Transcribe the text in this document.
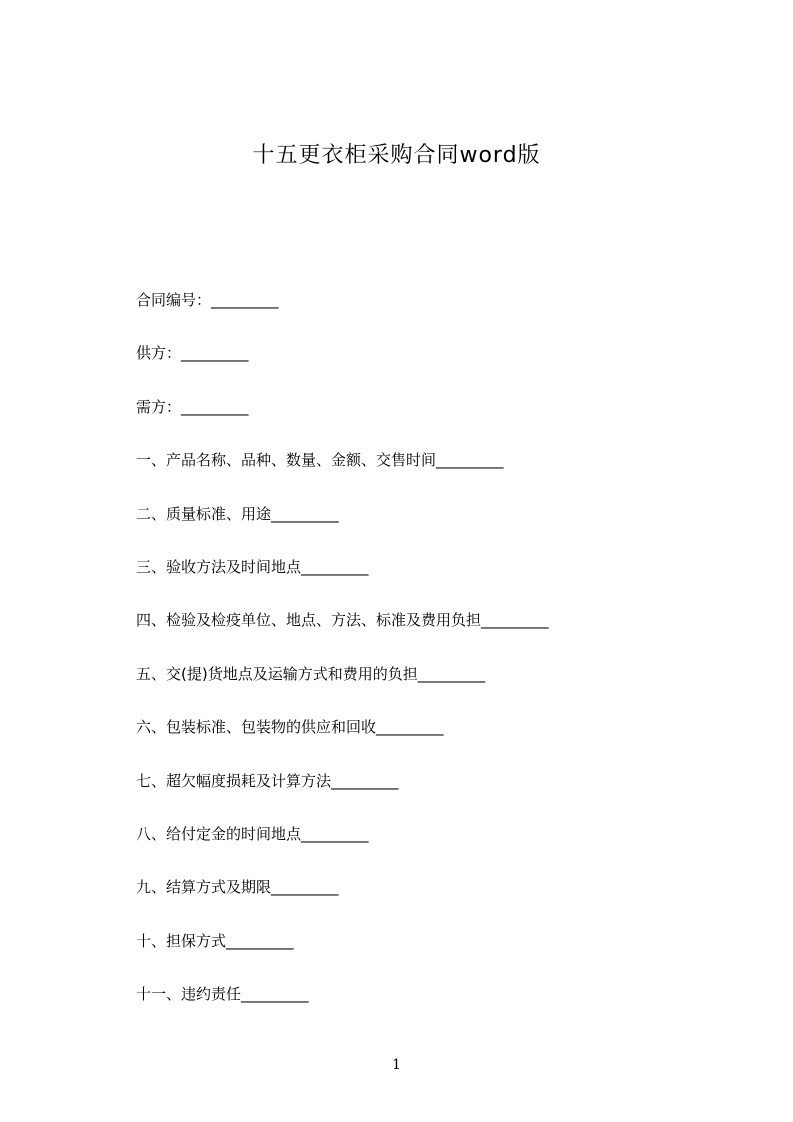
十五更衣柜采购合同word版
合同编号：_________
供方：_________
需方：_________
一、产品名称、品种、数量、金额、交售时间_________
二、质量标准、用途_________
三、验收方法及时间地点_________
四、检验及检疫单位、地点、方法、标准及费用负担_________
五、交(提)货地点及运输方式和费用的负担_________
六、包装标准、包装物的供应和回收_________
七、超欠幅度损耗及计算方法_________
八、给付定金的时间地点_________
九、结算方式及期限_________
十、担保方式_________
十一、违约责任_________
1
